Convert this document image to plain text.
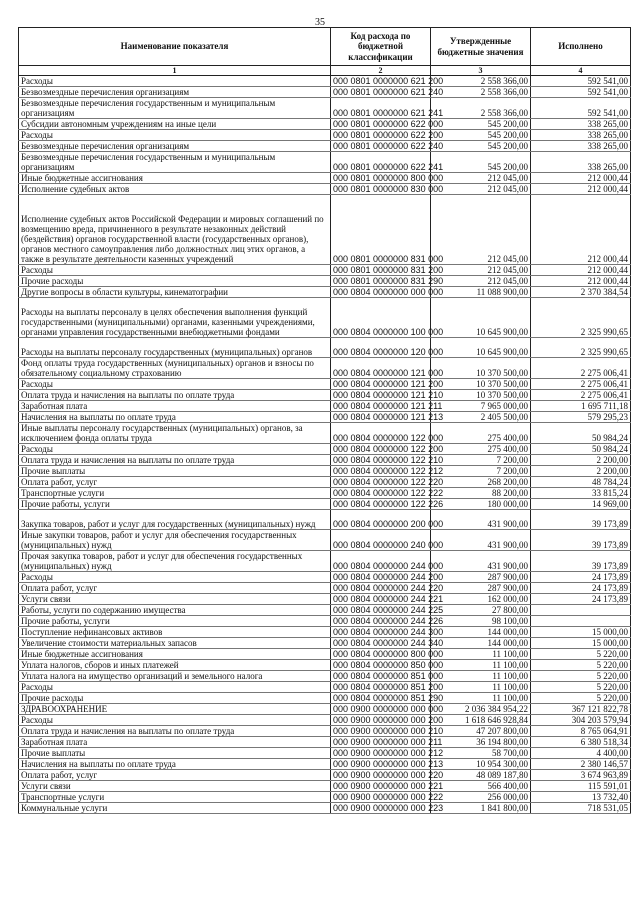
35
Наименование показателя	Код расхода по бюджетной классификации	Утвержденные бюджетные значения	Исполнено
1	2	3	4
Расходы	000 0801 0000000 621 200	2 558 366,00	592 541,00
Безвозмездные перечисления организациям	000 0801 0000000 621 240	2 558 366,00	592 541,00
Безвозмездные перечисления государственным и муниципальным организациям	000 0801 0000000 621 241	2 558 366,00	592 541,00
Субсидии автономным учреждениям на иные цели	000 0801 0000000 622 000	545 200,00	338 265,00
Расходы	000 0801 0000000 622 200	545 200,00	338 265,00
Безвозмездные перечисления организациям	000 0801 0000000 622 240	545 200,00	338 265,00
Безвозмездные перечисления государственным и муниципальным организациям	000 0801 0000000 622 241	545 200,00	338 265,00
Иные бюджетные ассигнования	000 0801 0000000 800 000	212 045,00	212 000,44
Исполнение судебных актов	000 0801 0000000 830 000	212 045,00	212 000,44
Исполнение судебных актов Российской Федерации и мировых соглашений по возмещению вреда, причиненного в результате незаконных действий (бездействия) органов государственной власти (государственных органов), органов местного самоуправления либо должностных лиц этих органов, а также в результате деятельности казенных учреждений	000 0801 0000000 831 000	212 045,00	212 000,44
Расходы	000 0801 0000000 831 200	212 045,00	212 000,44
Прочие расходы	000 0801 0000000 831 290	212 045,00	212 000,44
Другие вопросы в области культуры, кинематографии	000 0804 0000000 000 000	11 088 900,00	2 370 384,54
Расходы на выплаты персоналу в целях обеспечения выполнения функций государственными (муниципальными) органами, казенными учреждениями, органами управления государственными внебюджетными фондами	000 0804 0000000 100 000	10 645 900,00	2 325 990,65
Расходы на выплаты персоналу государственных (муниципальных) органов	000 0804 0000000 120 000	10 645 900,00	2 325 990,65
Фонд оплаты труда государственных (муниципальных) органов и взносы по обязательному социальному страхованию	000 0804 0000000 121 000	10 370 500,00	2 275 006,41
Расходы	000 0804 0000000 121 200	10 370 500,00	2 275 006,41
Оплата труда и начисления на выплаты по оплате труда	000 0804 0000000 121 210	10 370 500,00	2 275 006,41
Заработная плата	000 0804 0000000 121 211	7 965 000,00	1 695 711,18
Начисления на выплаты по оплате труда	000 0804 0000000 121 213	2 405 500,00	579 295,23
Иные выплаты персоналу государственных (муниципальных) органов, за исключением фонда оплаты труда	000 0804 0000000 122 000	275 400,00	50 984,24
Расходы	000 0804 0000000 122 200	275 400,00	50 984,24
Оплата труда и начисления на выплаты по оплате труда	000 0804 0000000 122 210	7 200,00	2 200,00
Прочие выплаты	000 0804 0000000 122 212	7 200,00	2 200,00
Оплата работ, услуг	000 0804 0000000 122 220	268 200,00	48 784,24
Транспортные услуги	000 0804 0000000 122 222	88 200,00	33 815,24
Прочие работы, услуги	000 0804 0000000 122 226	180 000,00	14 969,00
Закупка товаров, работ и услуг для государственных (муниципальных) нужд	000 0804 0000000 200 000	431 900,00	39 173,89
Иные закупки товаров, работ и услуг для обеспечения государственных (муниципальных) нужд	000 0804 0000000 240 000	431 900,00	39 173,89
Прочая закупка товаров, работ и услуг для обеспечения государственных (муниципальных) нужд	000 0804 0000000 244 000	431 900,00	39 173,89
Расходы	000 0804 0000000 244 200	287 900,00	24 173,89
Оплата работ, услуг	000 0804 0000000 244 220	287 900,00	24 173,89
Услуги связи	000 0804 0000000 244 221	162 000,00	24 173,89
Работы, услуги по содержанию имущества	000 0804 0000000 244 225	27 800,00	
Прочие работы, услуги	000 0804 0000000 244 226	98 100,00	
Поступление нефинансовых активов	000 0804 0000000 244 300	144 000,00	15 000,00
Увеличение стоимости материальных запасов	000 0804 0000000 244 340	144 000,00	15 000,00
Иные бюджетные ассигнования	000 0804 0000000 800 000	11 100,00	5 220,00
Уплата налогов, сборов и иных платежей	000 0804 0000000 850 000	11 100,00	5 220,00
Уплата налога на имущество организаций и земельного налога	000 0804 0000000 851 000	11 100,00	5 220,00
Расходы	000 0804 0000000 851 200	11 100,00	5 220,00
Прочие расходы	000 0804 0000000 851 290	11 100,00	5 220,00
ЗДРАВООХРАНЕНИЕ	000 0900 0000000 000 000	2 036 384 954,22	367 121 822,78
Расходы	000 0900 0000000 000 200	1 618 646 928,84	304 203 579,94
Оплата труда и начисления на выплаты по оплате труда	000 0900 0000000 000 210	47 207 800,00	8 765 064,91
Заработная плата	000 0900 0000000 000 211	36 194 800,00	6 380 518,34
Прочие выплаты	000 0900 0000000 000 212	58 700,00	4 400,00
Начисления на выплаты по оплате труда	000 0900 0000000 000 213	10 954 300,00	2 380 146,57
Оплата работ, услуг	000 0900 0000000 000 220	48 089 187,80	3 674 963,89
Услуги связи	000 0900 0000000 000 221	566 400,00	115 591,01
Транспортные услуги	000 0900 0000000 000 222	256 000,00	13 732,40
Коммунальные услуги	000 0900 0000000 000 223	1 841 800,00	718 531,05
